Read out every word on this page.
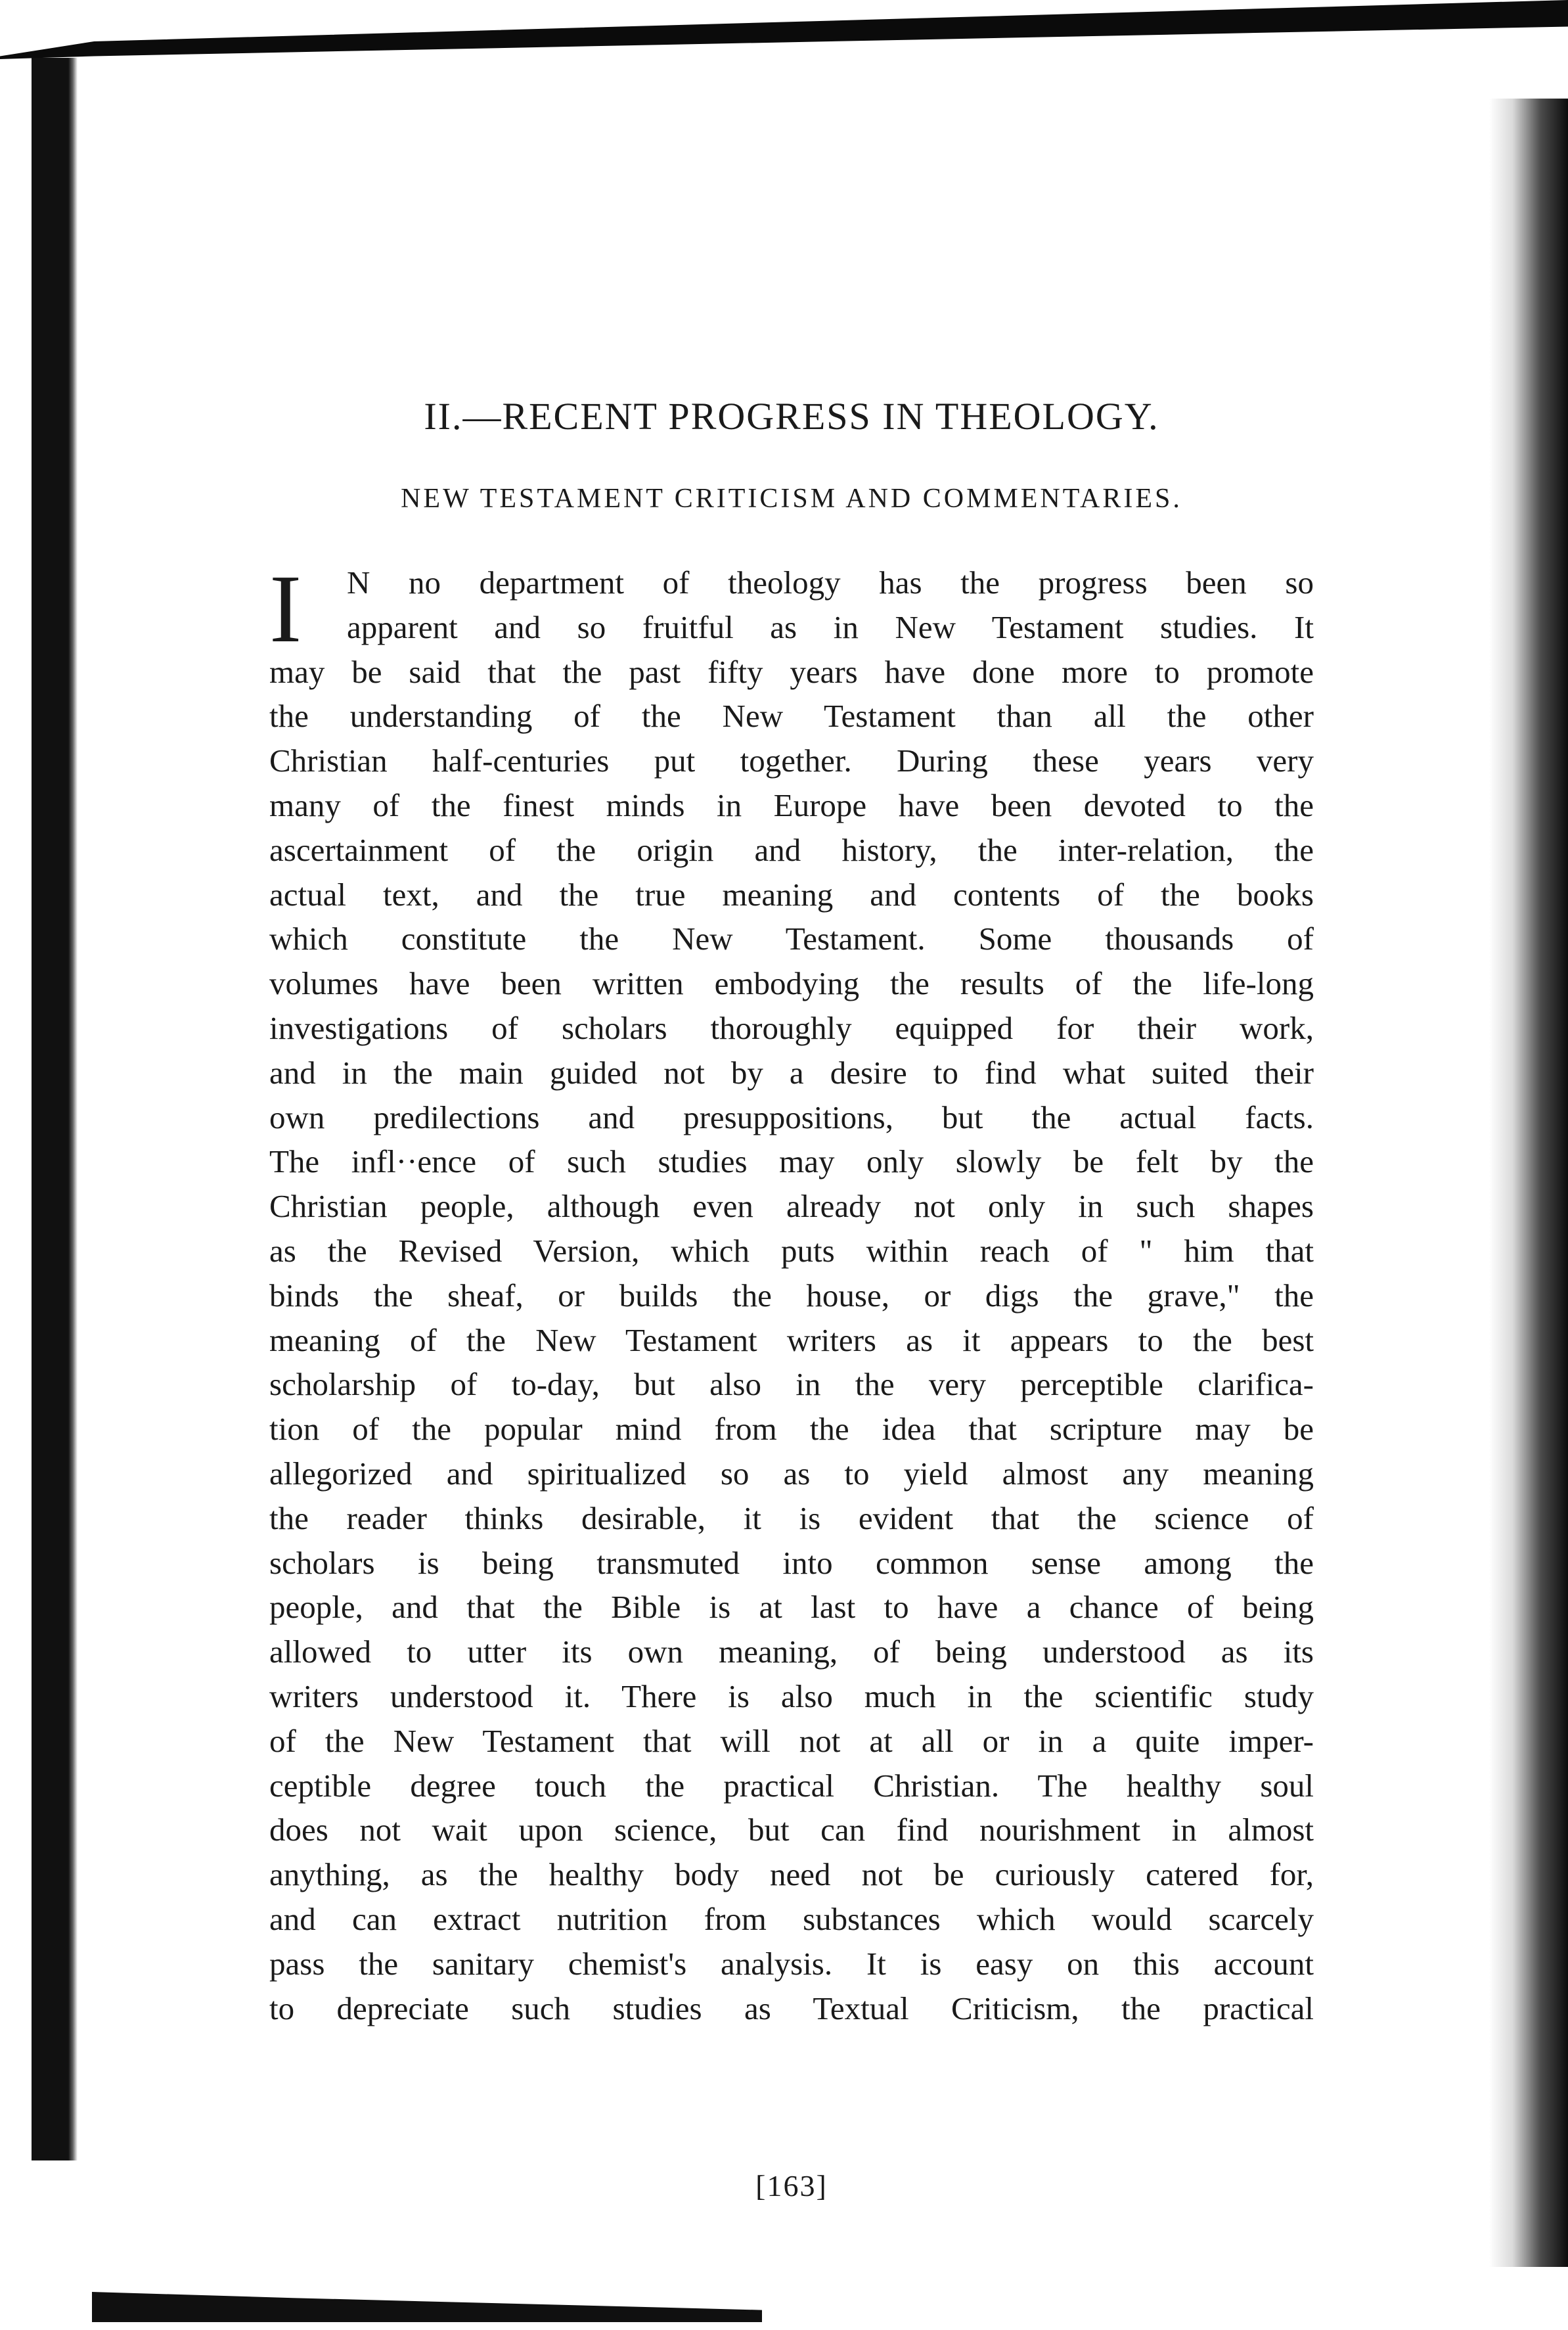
II.—RECENT PROGRESS IN THEOLOGY.
NEW TESTAMENT CRITICISM AND COMMENTARIES.
I	N no department of theology has the progress been so
apparent and so fruitful as in New Testament studies. It
may be said that the past fifty years have done more to promote
the understanding of the New Testament than all the other
Christian half-centuries put together. During these years very
many of the finest minds in Europe have been devoted to the
ascertainment of the origin and history, the inter-relation, the
actual text, and the true meaning and contents of the books
which constitute the New Testament. Some thousands of
volumes have been written embodying the results of the life-long
investigations of scholars thoroughly equipped for their work,
and in the main guided not by a desire to find what suited their
own predilections and presuppositions, but the actual facts.
The infl··ence of such studies may only slowly be felt by the
Christian people, although even already not only in such shapes
as the Revised Version, which puts within reach of " him that
binds the sheaf, or builds the house, or digs the grave," the
meaning of the New Testament writers as it appears to the best
scholarship of to-day, but also in the very perceptible clarifica-
tion of the popular mind from the idea that scripture may be
allegorized and spiritualized so as to yield almost any meaning
the reader thinks desirable, it is evident that the science of
scholars is being transmuted into common sense among the
people, and that the Bible is at last to have a chance of being
allowed to utter its own meaning, of being understood as its
writers understood it. There is also much in the scientific study
of the New Testament that will not at all or in a quite imper-
ceptible degree touch the practical Christian. The healthy soul
does not wait upon science, but can find nourishment in almost
anything, as the healthy body need not be curiously catered for,
and can extract nutrition from substances which would scarcely
pass the sanitary chemist's analysis. It is easy on this account
to depreciate such studies as Textual Criticism, the practical
[163]
